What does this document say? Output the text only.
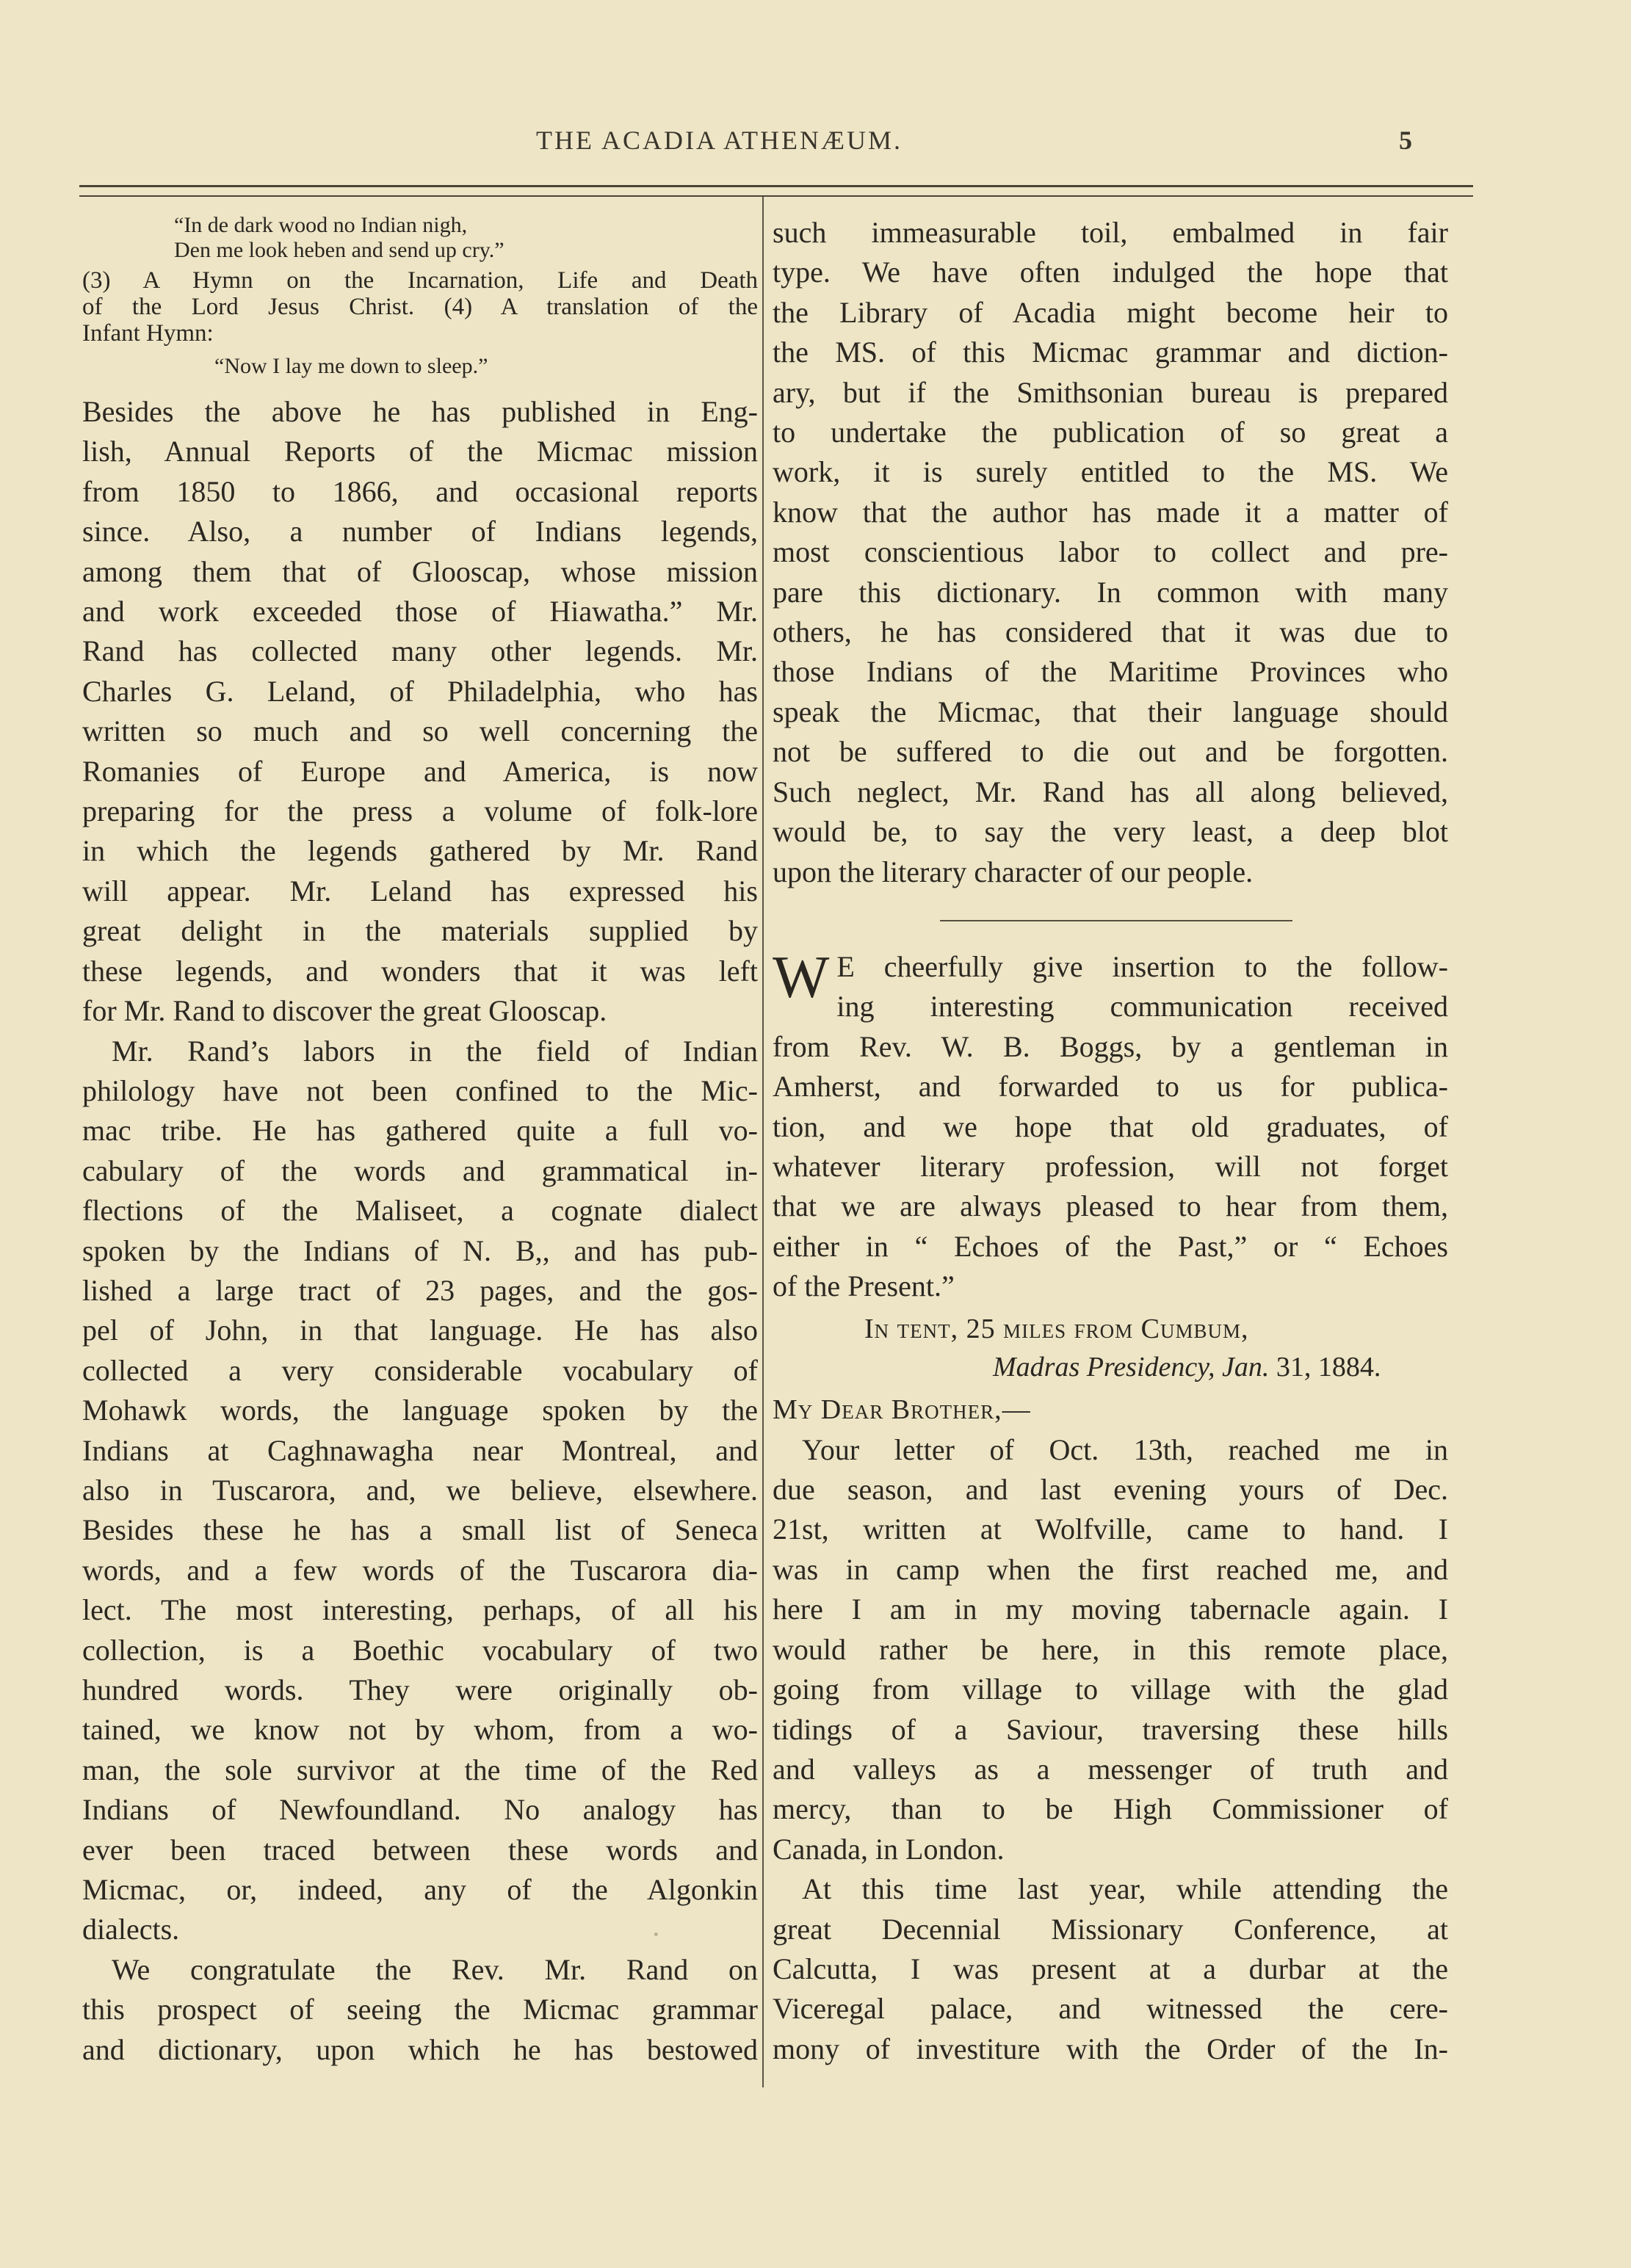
THE ACADIA ATHENÆUM.	5
“In de dark wood no Indian nigh,
Den me look heben and send up cry.”
(3) A Hymn on the Incarnation, Life and Death
of the Lord Jesus Christ. (4) A translation of the
Infant Hymn:
“Now I lay me down to sleep.”
Besides the above he has published in Eng-
lish, Annual Reports of the Micmac mission
from 1850 to 1866, and occasional reports
since. Also, a number of Indians legends,
among them that of Glooscap, whose mission
and work exceeded those of Hiawatha.” Mr.
Rand has collected many other legends. Mr.
Charles G. Leland, of Philadelphia, who has
written so much and so well concerning the
Romanies of Europe and America, is now
preparing for the press a volume of folk-lore
in which the legends gathered by Mr. Rand
will appear. Mr. Leland has expressed his
great delight in the materials supplied by
these legends, and wonders that it was left
for Mr. Rand to discover the great Glooscap.
Mr. Rand’s labors in the field of Indian
philology have not been confined to the Mic-
mac tribe. He has gathered quite a full vo-
cabulary of the words and grammatical in-
flections of the Maliseet, a cognate dialect
spoken by the Indians of N. B,, and has pub-
lished a large tract of 23 pages, and the gos-
pel of John, in that language. He has also
collected a very considerable vocabulary of
Mohawk words, the language spoken by the
Indians at Caghnawagha near Montreal, and
also in Tuscarora, and, we believe, elsewhere.
Besides these he has a small list of Seneca
words, and a few words of the Tuscarora dia-
lect. The most interesting, perhaps, of all his
collection, is a Boethic vocabulary of two
hundred words. They were originally ob-
tained, we know not by whom, from a wo-
man, the sole survivor at the time of the Red
Indians of Newfoundland. No analogy has
ever been traced between these words and
Micmac, or, indeed, any of the Algonkin
dialects.
We congratulate the Rev. Mr. Rand on
this prospect of seeing the Micmac grammar
and dictionary, upon which he has bestowed
such immeasurable toil, embalmed in fair
type. We have often indulged the hope that
the Library of Acadia might become heir to
the MS. of this Micmac grammar and diction-
ary, but if the Smithsonian bureau is prepared
to undertake the publication of so great a
work, it is surely entitled to the MS. We
know that the author has made it a matter of
most conscientious labor to collect and pre-
pare this dictionary. In common with many
others, he has considered that it was due to
those Indians of the Maritime Provinces who
speak the Micmac, that their language should
not be suffered to die out and be forgotten.
Such neglect, Mr. Rand has all along believed,
would be, to say the very least, a deep blot
upon the literary character of our people.
W E cheerfully give insertion to the follow-
ing interesting communication received
from Rev. W. B. Boggs, by a gentleman in
Amherst, and forwarded to us for publica-
tion, and we hope that old graduates, of
whatever literary profession, will not forget
that we are always pleased to hear from them,
either in “ Echoes of the Past,” or “ Echoes
of the Present.”
In tent, 25 miles from Cumbum,
Madras Presidency, Jan. 31, 1884.
My Dear Brother,—
Your letter of Oct. 13th, reached me in
due season, and last evening yours of Dec.
21st, written at Wolfville, came to hand. I
was in camp when the first reached me, and
here I am in my moving tabernacle again. I
would rather be here, in this remote place,
going from village to village with the glad
tidings of a Saviour, traversing these hills
and valleys as a messenger of truth and
mercy, than to be High Commissioner of
Canada, in London.
At this time last year, while attending the
great Decennial Missionary Conference, at
Calcutta, I was present at a durbar at the
Viceregal palace, and witnessed the cere-
mony of investiture with the Order of the In-
˚
